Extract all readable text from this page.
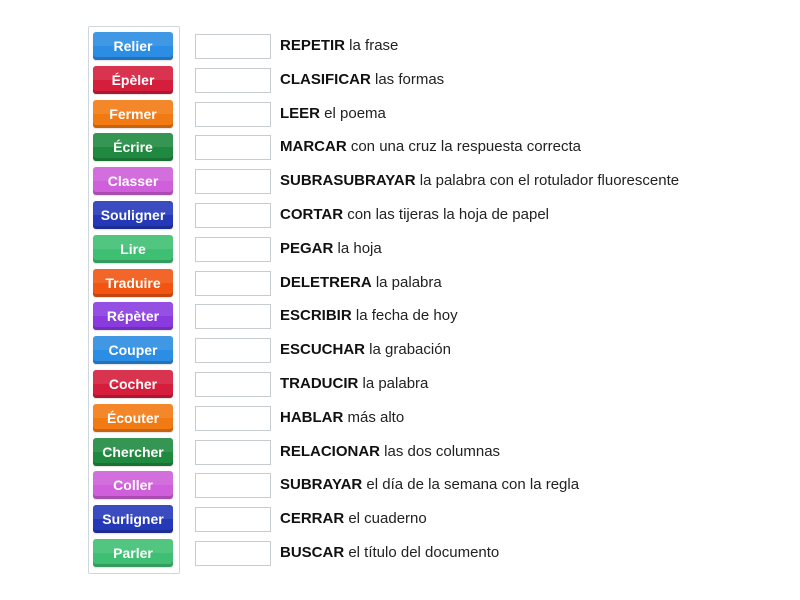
Relier
Épèler
Fermer
Écrire
Classer
Souligner
Lire
Traduire
Répèter
Couper
Cocher
Écouter
Chercher
Coller
Surligner
Parler
REPETIR la frase
CLASIFICAR las formas
LEER el poema
MARCAR con una cruz la respuesta correcta
SUBRASUBRAYAR la palabra con el rotulador fluorescente
CORTAR con las tijeras la hoja de papel
PEGAR la hoja
DELETRERA la palabra
ESCRIBIR la fecha de hoy
ESCUCHAR la grabación
TRADUCIR la palabra
HABLAR más alto
RELACIONAR las dos columnas
SUBRAYAR el día de la semana con la regla
CERRAR el cuaderno
BUSCAR el título del documento
